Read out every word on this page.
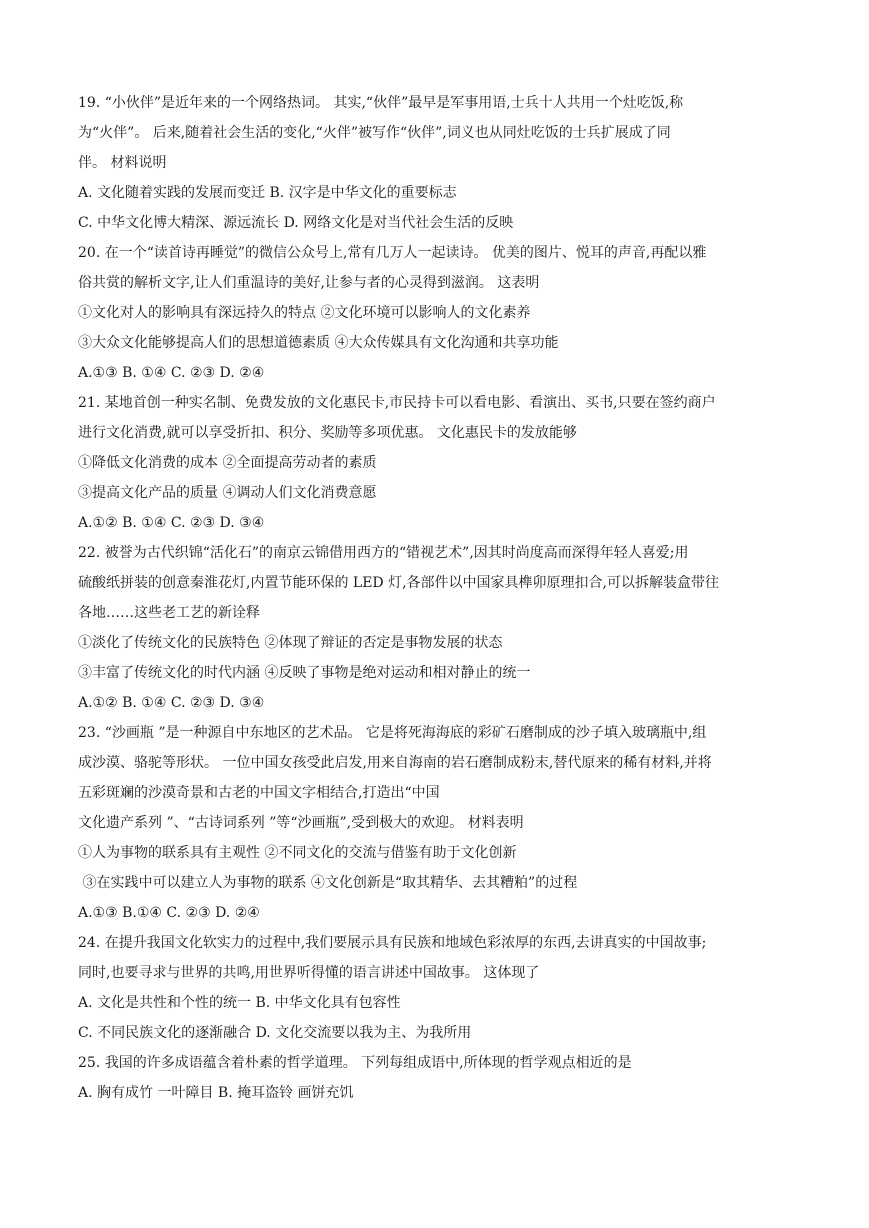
19. “小伙伴”是近年来的一个网络热词。 其实,“伙伴”最早是军事用语,士兵十人共用一个灶吃饭,称
为“火伴”。 后来,随着社会生活的变化,“火伴”被写作“伙伴”,词义也从同灶吃饭的士兵扩展成了同
伴。 材料说明
A. 文化随着实践的发展而变迁 B. 汉字是中华文化的重要标志
C. 中华文化博大精深、源远流长 D. 网络文化是对当代社会生活的反映
20. 在一个“读首诗再睡觉”的微信公众号上,常有几万人一起读诗。 优美的图片、悦耳的声音,再配以雅
俗共赏的解析文字,让人们重温诗的美好,让参与者的心灵得到滋润。 这表明
①文化对人的影响具有深远持久的特点 ②文化环境可以影响人的文化素养
③大众文化能够提高人们的思想道德素质 ④大众传媒具有文化沟通和共享功能
A.①③ B. ①④ C. ②③ D. ②④
21. 某地首创一种实名制、免费发放的文化惠民卡,市民持卡可以看电影、看演出、买书,只要在签约商户
进行文化消费,就可以享受折扣、积分、奖励等多项优惠。 文化惠民卡的发放能够
①降低文化消费的成本 ②全面提高劳动者的素质
③提高文化产品的质量 ④调动人们文化消费意愿
A.①② B. ①④ C. ②③ D. ③④
22. 被誉为古代织锦“活化石”的南京云锦借用西方的“错视艺术”,因其时尚度高而深得年轻人喜爱;用
硫酸纸拼装的创意秦淮花灯,内置节能环保的 LED 灯,各部件以中国家具榫卯原理扣合,可以拆解装盒带往
各地……这些老工艺的新诠释
①淡化了传统文化的民族特色 ②体现了辩证的否定是事物发展的状态
③丰富了传统文化的时代内涵 ④反映了事物是绝对运动和相对静止的统一
A.①② B. ①④ C. ②③ D. ③④
23. “沙画瓶 ”是一种源自中东地区的艺术品。 它是将死海海底的彩矿石磨制成的沙子填入玻璃瓶中,组
成沙漠、骆驼等形状。 一位中国女孩受此启发,用来自海南的岩石磨制成粉末,替代原来的稀有材料,并将
五彩斑斓的沙漠奇景和古老的中国文字相结合,打造出“中国
文化遗产系列 ”、“古诗词系列 ”等“沙画瓶”,受到极大的欢迎。 材料表明
①人为事物的联系具有主观性 ②不同文化的交流与借鉴有助于文化创新
③在实践中可以建立人为事物的联系 ④文化创新是“取其精华、去其糟粕”的过程
A.①③ B.①④ C. ②③ D. ②④
24. 在提升我国文化软实力的过程中,我们要展示具有民族和地域色彩浓厚的东西,去讲真实的中国故事;
同时,也要寻求与世界的共鸣,用世界听得懂的语言讲述中国故事。 这体现了
A. 文化是共性和个性的统一 B. 中华文化具有包容性
C. 不同民族文化的逐渐融合 D. 文化交流要以我为主、为我所用
25. 我国的许多成语蕴含着朴素的哲学道理。 下列每组成语中,所体现的哲学观点相近的是
A. 胸有成竹 一叶障目 B. 掩耳盗铃 画饼充饥
